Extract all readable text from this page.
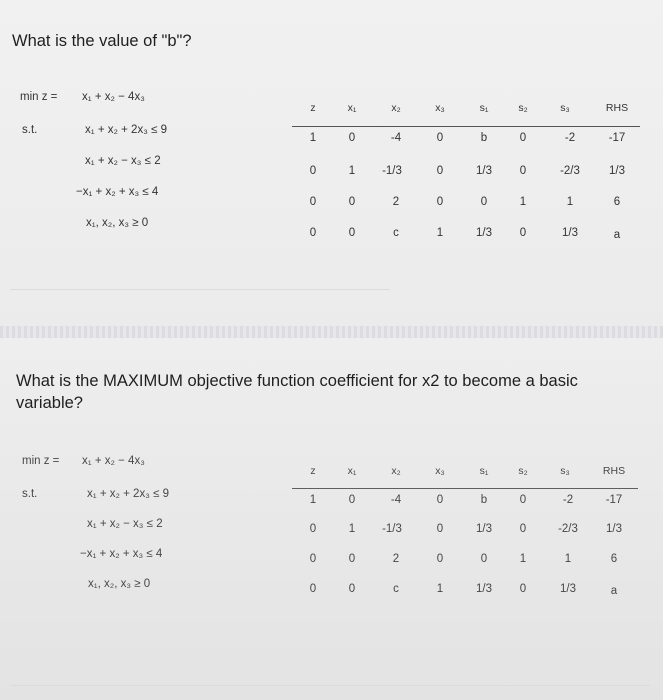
What is the value of "b"?
min z = x₁ + x₂ − 4x₃
s.t.	x₁ + x₂ + 2x₃ ≤ 9
x₁ + x₂ − x₃ ≤ 2
−x₁ + x₂ + x₃ ≤ 4
x₁, x₂, x₃ ≥ 0
z	x₁	x₂	x₃	s₁	s₂	s₃	RHS
1	0	-4	0	b	0	-2	-17
0	1	-1/3	0	1/3	0	-2/3	1/3
0	0	2	0	0	1	1	6
0	0	c	1	1/3	0	1/3	a
What is the MAXIMUM objective function coefficient for x2 to become a basic variable?
min z = x₁ + x₂ − 4x₃
s.t.	x₁ + x₂ + 2x₃ ≤ 9
x₁ + x₂ − x₃ ≤ 2
−x₁ + x₂ + x₃ ≤ 4
x₁, x₂, x₃ ≥ 0
z	x₁	x₂	x₃	s₁	s₂	s₃	RHS
1	0	-4	0	b	0	-2	-17
0	1	-1/3	0	1/3	0	-2/3	1/3
0	0	2	0	0	1	1	6
0	0	c	1	1/3	0	1/3	a
